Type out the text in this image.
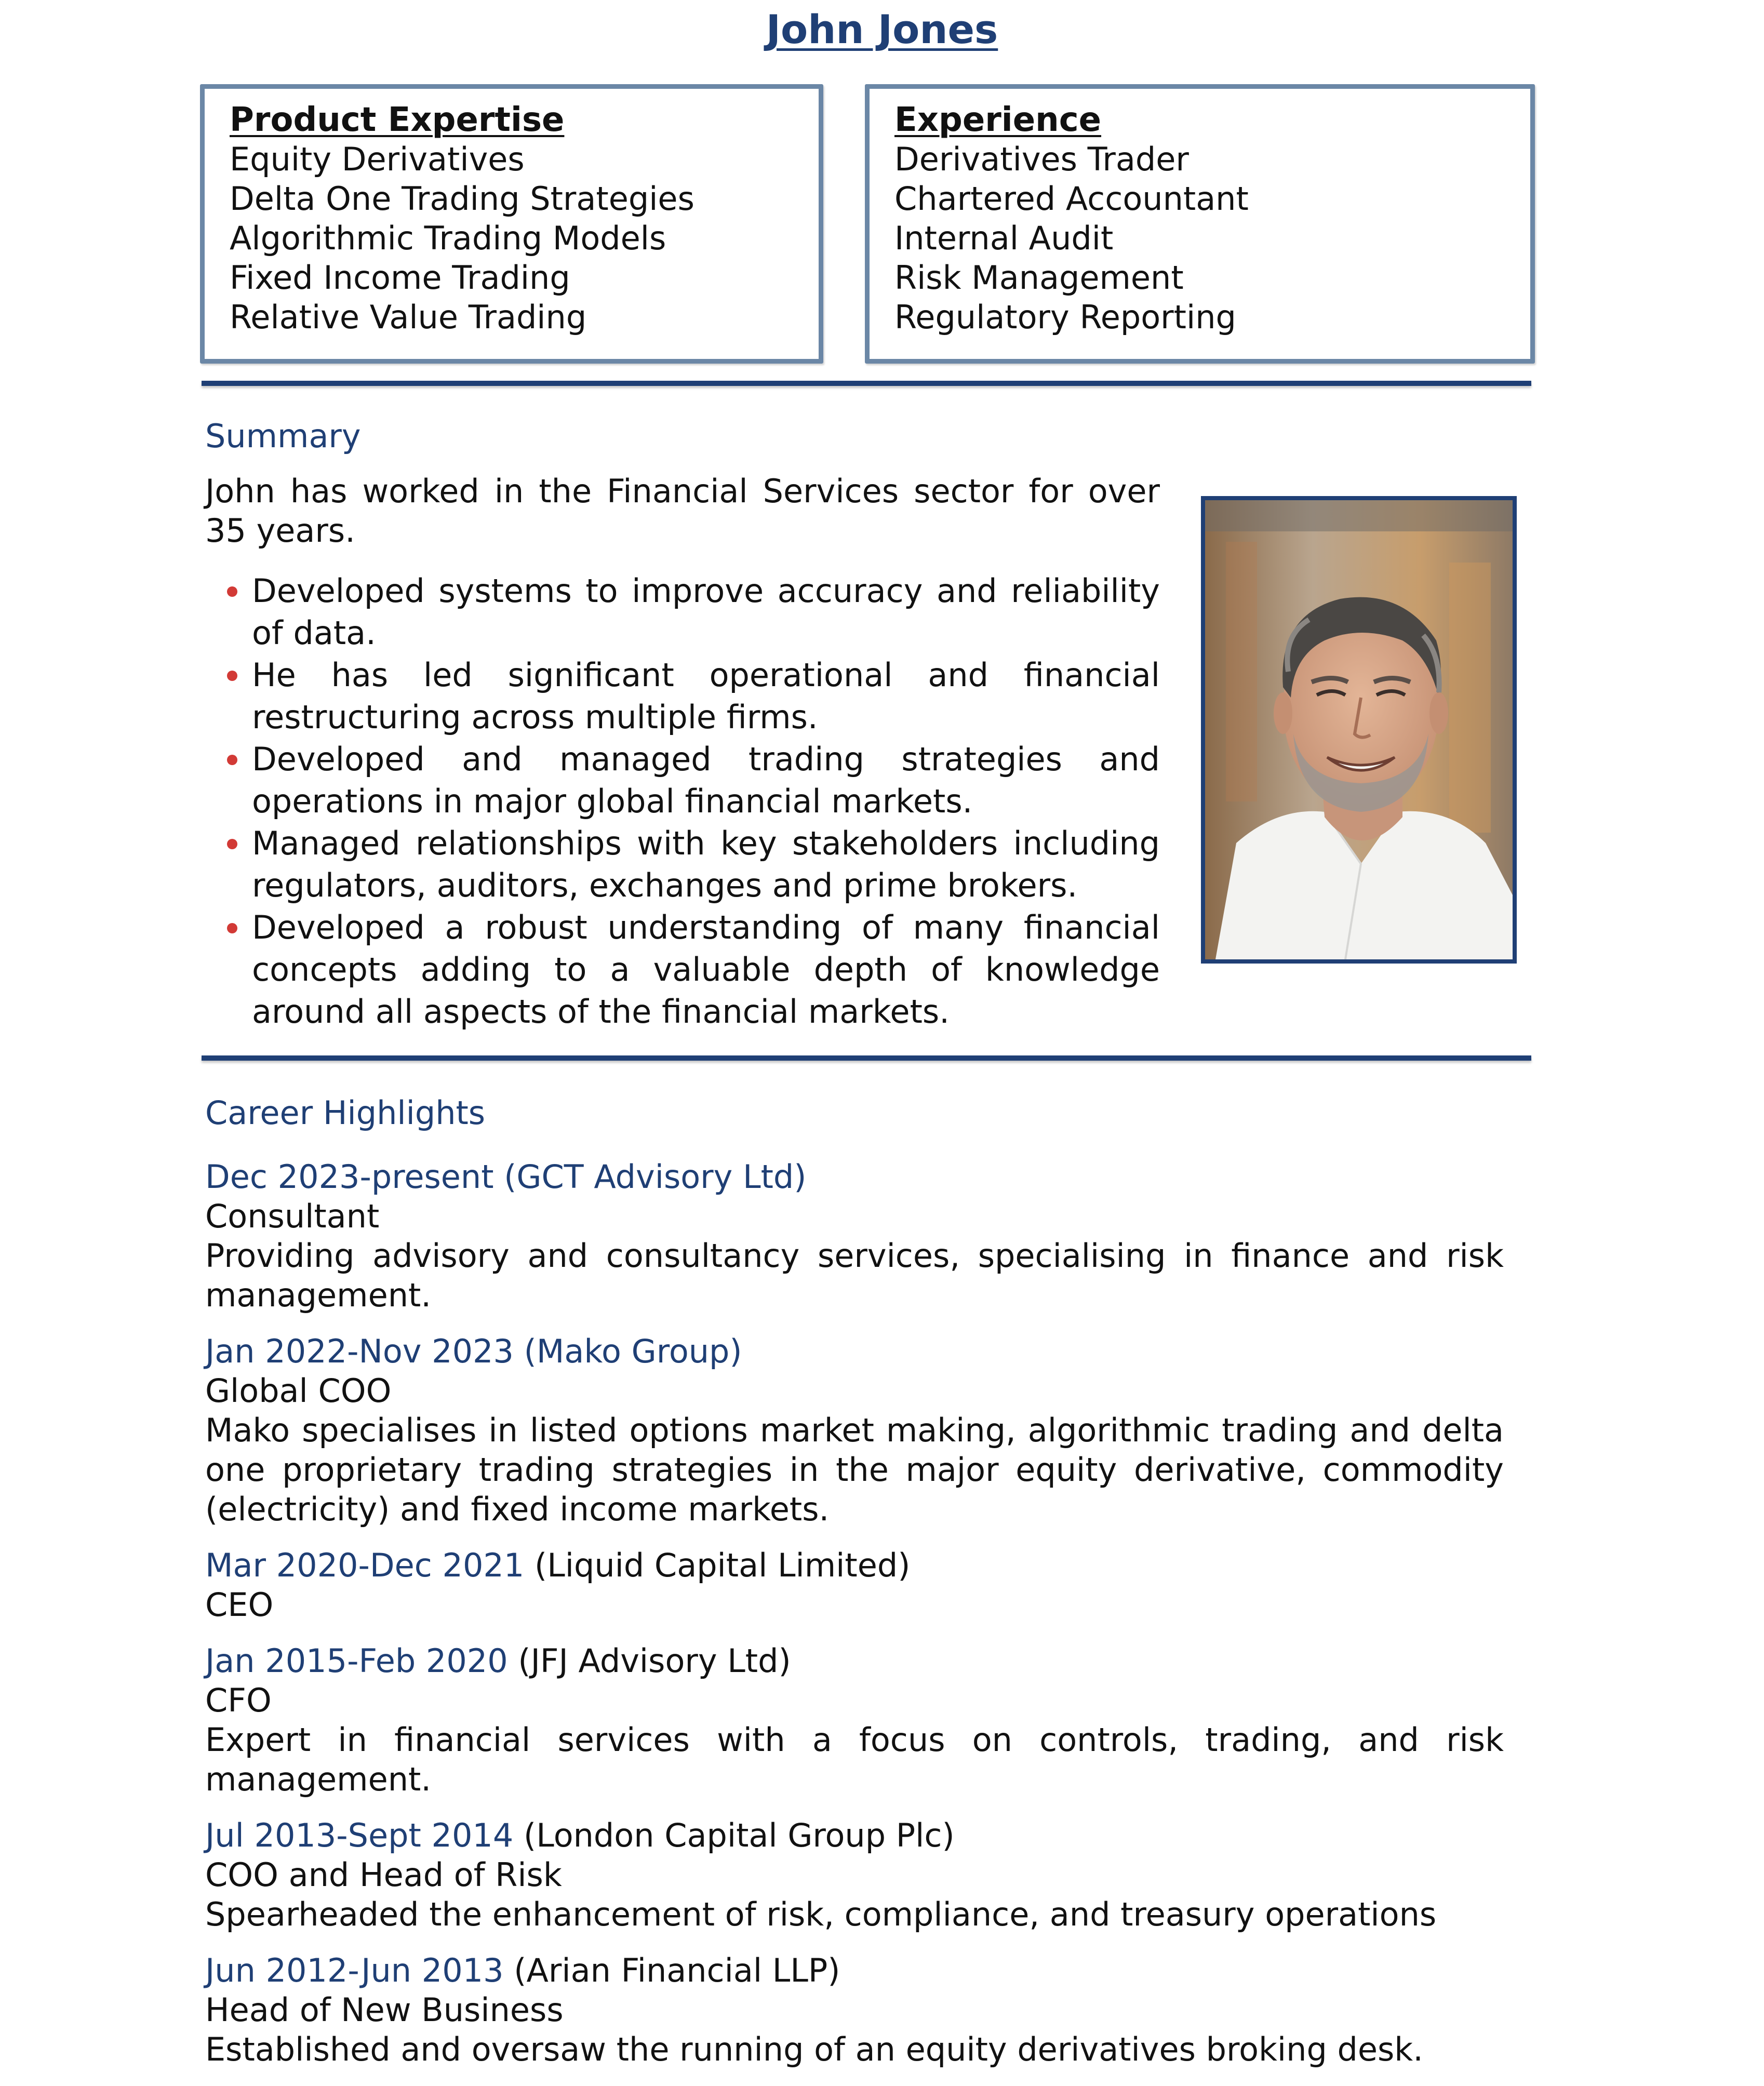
John Jones
Product Expertise
Equity Derivatives
Delta One Trading Strategies
Algorithmic Trading Models
Fixed Income Trading
Relative Value Trading
Experience
Derivatives Trader
Chartered Accountant
Internal Audit
Risk Management
Regulatory Reporting
Summary
John has worked in the Financial Services sector for over 35 years.
Developed systems to improve accuracy and reliability of data.
He has led significant operational and financial restructuring across multiple firms.
Developed and managed trading strategies and operations in major global financial markets.
Managed relationships with key stakeholders including regulators, auditors, exchanges and prime brokers.
Developed a robust understanding of many financial concepts adding to a valuable depth of knowledge around all aspects of the financial markets.
Career Highlights
Dec 2023-present (GCT Advisory Ltd)
Consultant
Providing advisory and consultancy services, specialising in finance and risk management.
Jan 2022-Nov 2023 (Mako Group)
Global COO
Mako specialises in listed options market making, algorithmic trading and delta one proprietary trading strategies in the major equity derivative, commodity (electricity) and fixed income markets.
Mar 2020-Dec 2021 (Liquid Capital Limited)
CEO
Jan 2015-Feb 2020 (JFJ Advisory Ltd)
CFO
Expert in financial services with a focus on controls, trading, and risk management.
Jul 2013-Sept 2014 (London Capital Group Plc)
COO and Head of Risk
Spearheaded the enhancement of risk, compliance, and treasury operations
Jun 2012-Jun 2013 (Arian Financial LLP)
Head of New Business
Established and oversaw the running of an equity derivatives broking desk.
